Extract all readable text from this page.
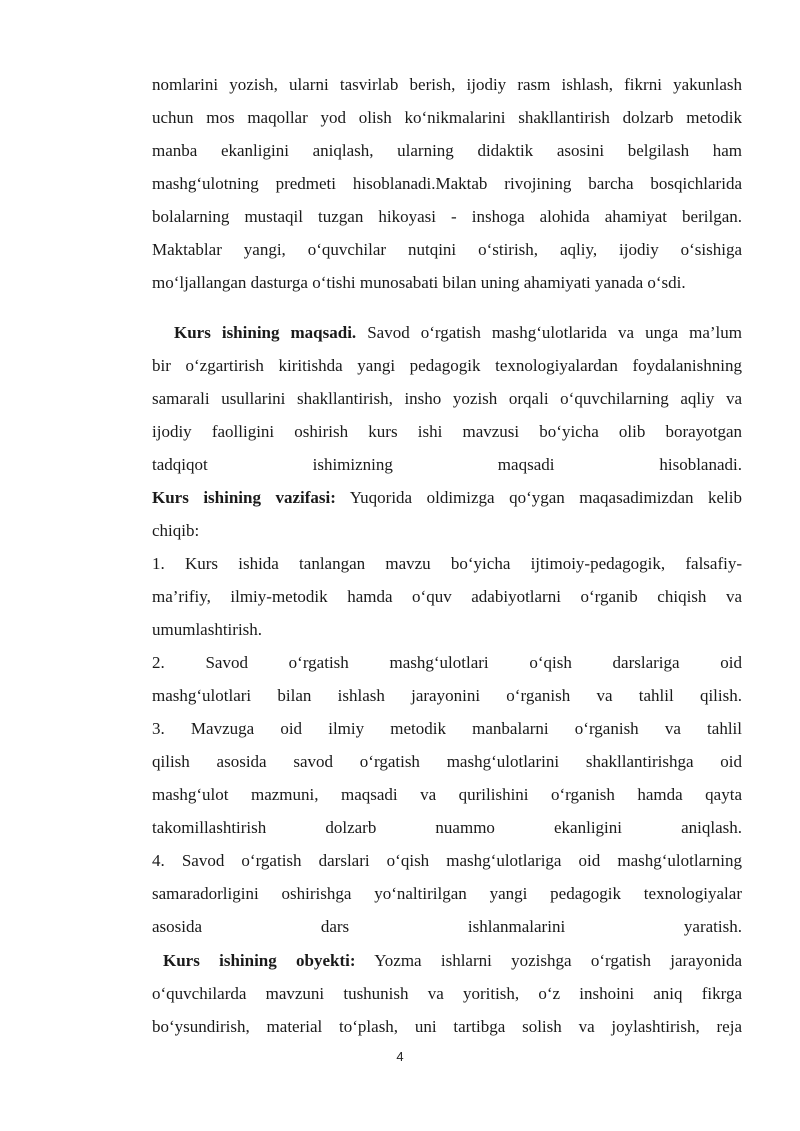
nomlarini yozish, ularni tasvirlab berish, ijodiy rasm ishlash, fikrni yakunlash
uchun mos maqollar yod olish ko‘nikmalarini shakllantirish dolzarb metodik
manba ekanligini aniqlash, ularning didaktik asosini belgilash ham
mashg‘ulotning predmeti hisoblanadi.Maktab rivojining barcha bosqichlarida
bolalarning mustaqil tuzgan hikoyasi - inshoga alohida ahamiyat berilgan.
Maktablar yangi, o‘quvchilar nutqini o‘stirish, aqliy, ijodiy o‘sishiga
mo‘ljallangan dasturga o‘tishi munosabati bilan uning ahamiyati yanada o‘sdi.
Kurs ishining maqsadi. Savod o‘rgatish mashg‘ulotlarida va unga ma’lum
bir o‘zgartirish kiritishda yangi pedagogik texnologiyalardan foydalanishning
samarali usullarini shakllantirish, insho yozish orqali o‘quvchilarning aqliy va
ijodiy faolligini oshirish kurs ishi mavzusi bo‘yicha olib borayotgan
tadqiqot ishimizning maqsadi hisoblanadi.
Kurs ishining vazifasi: Yuqorida oldimizga qo‘ygan maqasadimizdan kelib
chiqib:
1. Kurs ishida tanlangan mavzu bo‘yicha ijtimoiy-pedagogik, falsafiy-
ma’rifiy, ilmiy-metodik hamda o‘quv adabiyotlarni o‘rganib chiqish va
umumlashtirish.
2. Savod o‘rgatish mashg‘ulotlari o‘qish darslariga oid
mashg‘ulotlari bilan ishlash jarayonini o‘rganish va tahlil qilish.
3. Mavzuga oid ilmiy metodik manbalarni o‘rganish va tahlil
qilish asosida savod o‘rgatish mashg‘ulotlarini shakllantirishga oid
mashg‘ulot mazmuni, maqsadi va qurilishini o‘rganish hamda qayta
takomillashtirish dolzarb nuammo ekanligini aniqlash.
4. Savod o‘rgatish darslari o‘qish mashg‘ulotlariga oid mashg‘ulotlarning
samaradorligini oshirishga yo‘naltirilgan yangi pedagogik texnologiyalar
asosida dars ishlanmalarini yaratish.
Kurs ishining obyekti: Yozma ishlarni yozishga o‘rgatish jarayonida
o‘quvchilarda mavzuni tushunish va yoritish, o‘z inshoini aniq fikrga
bo‘ysundirish, material to‘plash, uni tartibga solish va joylashtirish, reja
4
